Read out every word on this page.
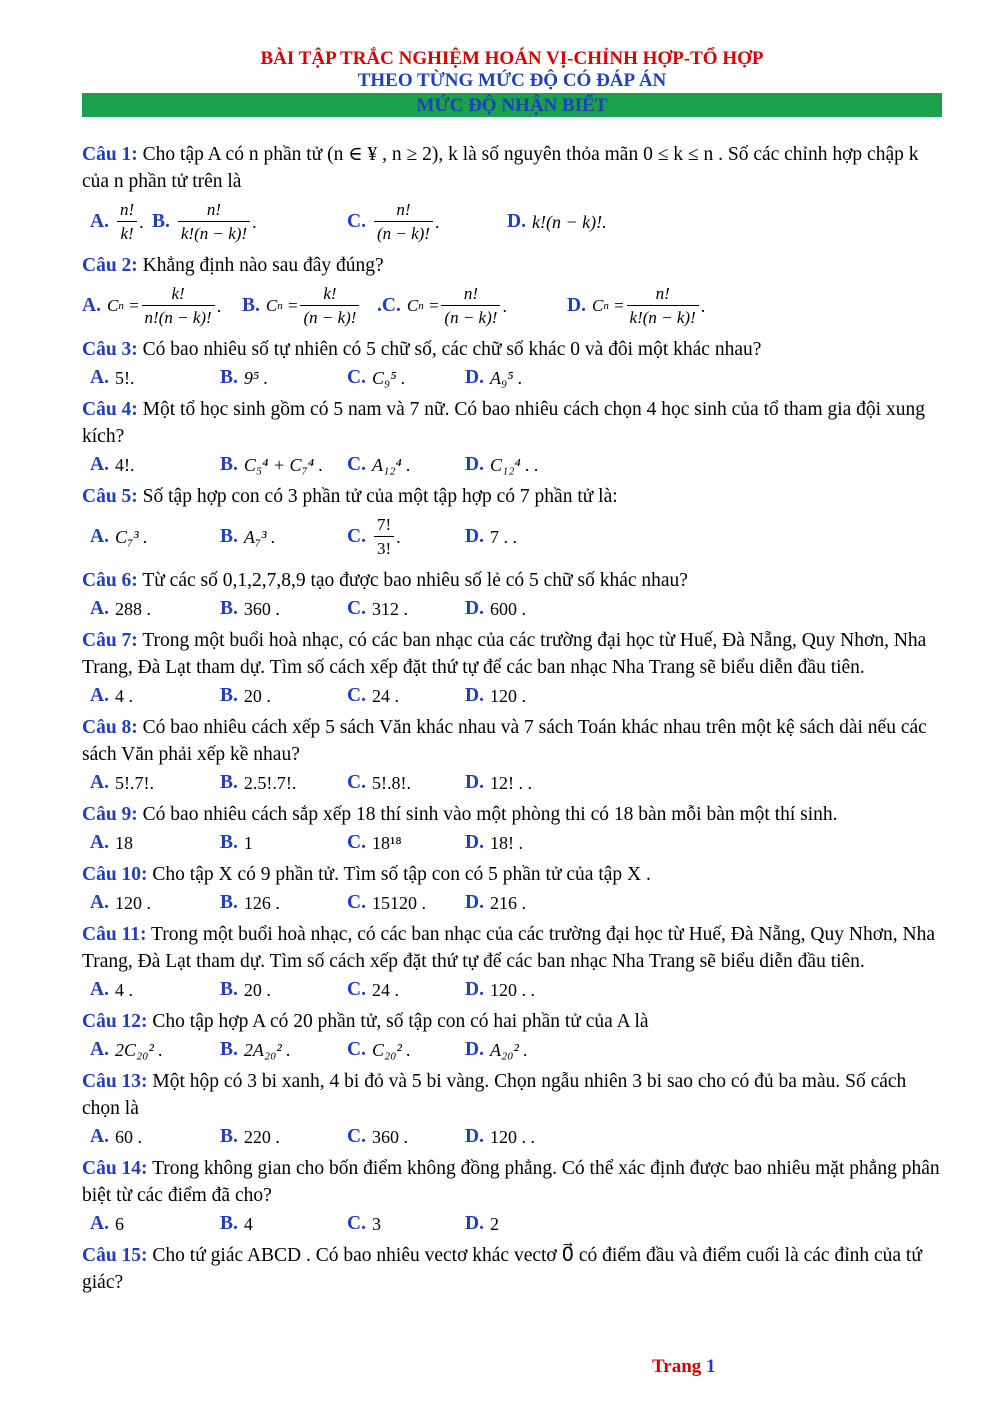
BÀI TẬP TRẮC NGHIỆM HOÁN VỊ-CHỈNH HỢP-TỔ HỢP
THEO TỪNG MỨC ĐỘ CÓ ĐÁP ÁN
MỨC ĐỘ NHẬN BIẾT
Câu 1: Cho tập A có n phần tử (n ∈ ¥ , n ≥ 2), k là số nguyên thỏa mãn 0 ≤ k ≤ n . Số các chỉnh hợp chập k của n phần tử trên là
A. $\frac{n!}{k!}$ . B. $\frac{n!}{k!(n - k)!}$ .	C. $\frac{n!}{(n - k)!}$ .	D. k!(n − k)!.
Câu 2: Khẳng định nào sau đây đúng?
A. C $n = \frac{k!}{n!(n - k)!}$ . B. C $n = \frac{k!}{(n - k)!} .C$. C $n = \frac{n!}{(n - k)!}$ .	D. C $n = \frac{n!}{k!(n - k)!}$ .
Câu 3: Có bao nhiêu số tự nhiên có 5 chữ số, các chữ số khác 0 và đôi một khác nhau?
A. 5!.	B. 9⁵ .	C. C₉⁵ .	D. A₉⁵ .
Câu 4: Một tổ học sinh gồm có 5 nam và 7 nữ. Có bao nhiêu cách chọn 4 học sinh của tổ tham gia đội xung kích?
A. 4!.	B. C₅⁴ + C₇⁴ . C. A₁₂⁴ .	D. C₁₂⁴ . .
Câu 5: Số tập hợp con có 3 phần tử của một tập hợp có 7 phần tử là:
A. C₇³ .	B. A₇³ .	C. $\frac{7!}{3!}$ .	D. 7 . .
Câu 6: Từ các số 0,1,2,7,8,9 tạo được bao nhiêu số lẻ có 5 chữ số khác nhau?
A. 288 .	B. 360 .	C. 312 .	D. 600 .
Câu 7: Trong một buổi hoà nhạc, có các ban nhạc của các trường đại học từ Huế, Đà Nẵng, Quy Nhơn, Nha Trang, Đà Lạt tham dự. Tìm số cách xếp đặt thứ tự để các ban nhạc Nha Trang sẽ biểu diễn đầu tiên.
A. 4 .	B. 20 .	C. 24 .	D. 120 .
Câu 8: Có bao nhiêu cách xếp 5 sách Văn khác nhau và 7 sách Toán khác nhau trên một kệ sách dài nếu các sách Văn phải xếp kề nhau?
A. 5!.7!.	B. 2.5!.7!.	C. 5!.8!.	D. 12! . .
Câu 9: Có bao nhiêu cách sắp xếp 18 thí sinh vào một phòng thi có 18 bàn mỗi bàn một thí sinh.
A. 18	B. 1	C. 18¹⁸	D. 18! .
Câu 10: Cho tập X có 9 phần tử. Tìm số tập con có 5 phần tử của tập X .
A. 120 .	B. 126 .	C. 15120 . D. 216 .
Câu 11: Trong một buổi hoà nhạc, có các ban nhạc của các trường đại học từ Huế, Đà Nẵng, Quy Nhơn, Nha Trang, Đà Lạt tham dự. Tìm số cách xếp đặt thứ tự để các ban nhạc Nha Trang sẽ biểu diễn đầu tiên.
A. 4 .	B. 20 .	C. 24 .	D. 120 . .
Câu 12: Cho tập hợp A có 20 phần tử, số tập con có hai phần tử của A là
A. 2C₂₀² .	B. 2A₂₀² .	C. C₂₀² .	D. A₂₀² .
Câu 13: Một hộp có 3 bi xanh, 4 bi đỏ và 5 bi vàng. Chọn ngẫu nhiên 3 bi sao cho có đủ ba màu. Số cách chọn là
A. 60 .	B. 220 .	C. 360 .	D. 120 . .
Câu 14: Trong không gian cho bốn điểm không đồng phẳng. Có thể xác định được bao nhiêu mặt phẳng phân biệt từ các điểm đã cho?
A. 6	B. 4	C. 3	D. 2
Câu 15: Cho tứ giác ABCD . Có bao nhiêu vectơ khác vectơ 0⃗ có điểm đầu và điểm cuối là các đỉnh của tứ giác?
Trang 1
